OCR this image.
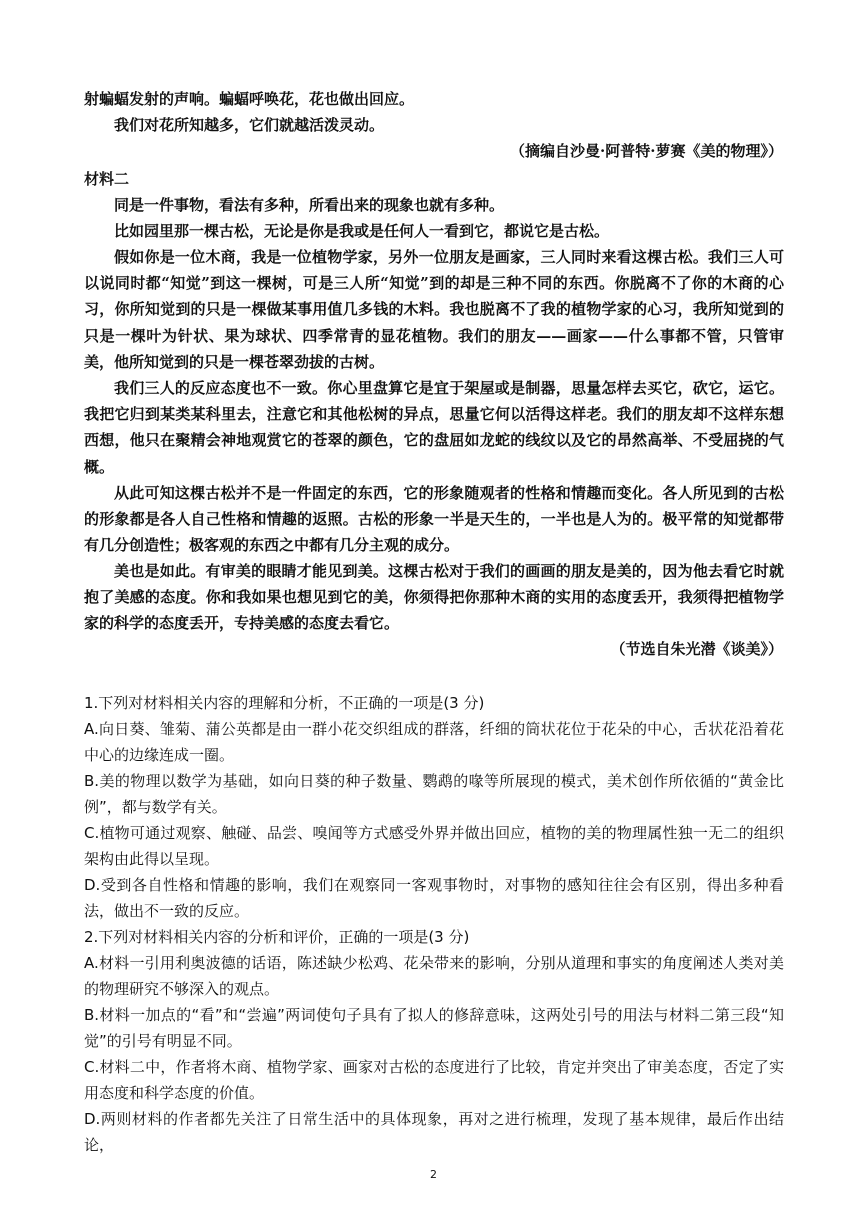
射蝙蝠发射的声响。蝙蝠呼唤花，花也做出回应。

我们对花所知越多，它们就越活泼灵动。

（摘编自沙曼·阿普特·萝赛《美的物理》）

材料二

同是一件事物，看法有多种，所看出来的现象也就有多种。

比如园里那一棵古松，无论是你是我或是任何人一看到它，都说它是古松。

假如你是一位木商，我是一位植物学家，另外一位朋友是画家，三人同时来看这棵古松。我们三人可以说同时都“知觉”到这一棵树，可是三人所“知觉”到的却是三种不同的东西。你脱离不了你的木商的心习，你所知觉到的只是一棵做某事用值几多钱的木料。我也脱离不了我的植物学家的心习，我所知觉到的只是一棵叶为针状、果为球状、四季常青的显花植物。我们的朋友——画家——什么事都不管，只管审美，他所知觉到的只是一棵苍翠劲拔的古树。

我们三人的反应态度也不一致。你心里盘算它是宜于架屋或是制器，思量怎样去买它，砍它，运它。我把它归到某类某科里去，注意它和其他松树的异点，思量它何以活得这样老。我们的朋友却不这样东想西想，他只在聚精会神地观赏它的苍翠的颜色，它的盘屈如龙蛇的线纹以及它的昂然高举、不受屈挠的气概。

从此可知这棵古松并不是一件固定的东西，它的形象随观者的性格和情趣而变化。各人所见到的古松的形象都是各人自己性格和情趣的返照。古松的形象一半是天生的，一半也是人为的。极平常的知觉都带有几分创造性；极客观的东西之中都有几分主观的成分。

美也是如此。有审美的眼睛才能见到美。这棵古松对于我们的画画的朋友是美的，因为他去看它时就抱了美感的态度。你和我如果也想见到它的美，你须得把你那种木商的实用的态度丢开，我须得把植物学家的科学的态度丢开，专持美感的态度去看它。

（节选自朱光潜《谈美》）

1.下列对材料相关内容的理解和分析，不正确的一项是(3 分)

A.向日葵、雏菊、蒲公英都是由一群小花交织组成的群落，纤细的筒状花位于花朵的中心，舌状花沿着花中心的边缘连成一圈。

B.美的物理以数学为基础，如向日葵的种子数量、鹦鹉的喙等所展现的模式，美术创作所依循的“黄金比例”，都与数学有关。

C.植物可通过观察、触碰、品尝、嗅闻等方式感受外界并做出回应，植物的美的物理属性独一无二的组织架构由此得以呈现。

D.受到各自性格和情趣的影响，我们在观察同一客观事物时，对事物的感知往往会有区别，得出多种看法，做出不一致的反应。

2.下列对材料相关内容的分析和评价，正确的一项是(3 分)

A.材料一引用利奥波德的话语，陈述缺少松鸡、花朵带来的影响，分别从道理和事实的角度阐述人类对美的物理研究不够深入的观点。

B.材料一加点的“看”和“尝遍”两词使句子具有了拟人的修辞意味，这两处引号的用法与材料二第三段“知觉”的引号有明显不同。

C.材料二中，作者将木商、植物学家、画家对古松的态度进行了比较，肯定并突出了审美态度，否定了实用态度和科学态度的价值。

D.两则材料的作者都先关注了日常生活中的具体现象，再对之进行梳理，发现了基本规律，最后作出结论，

2
